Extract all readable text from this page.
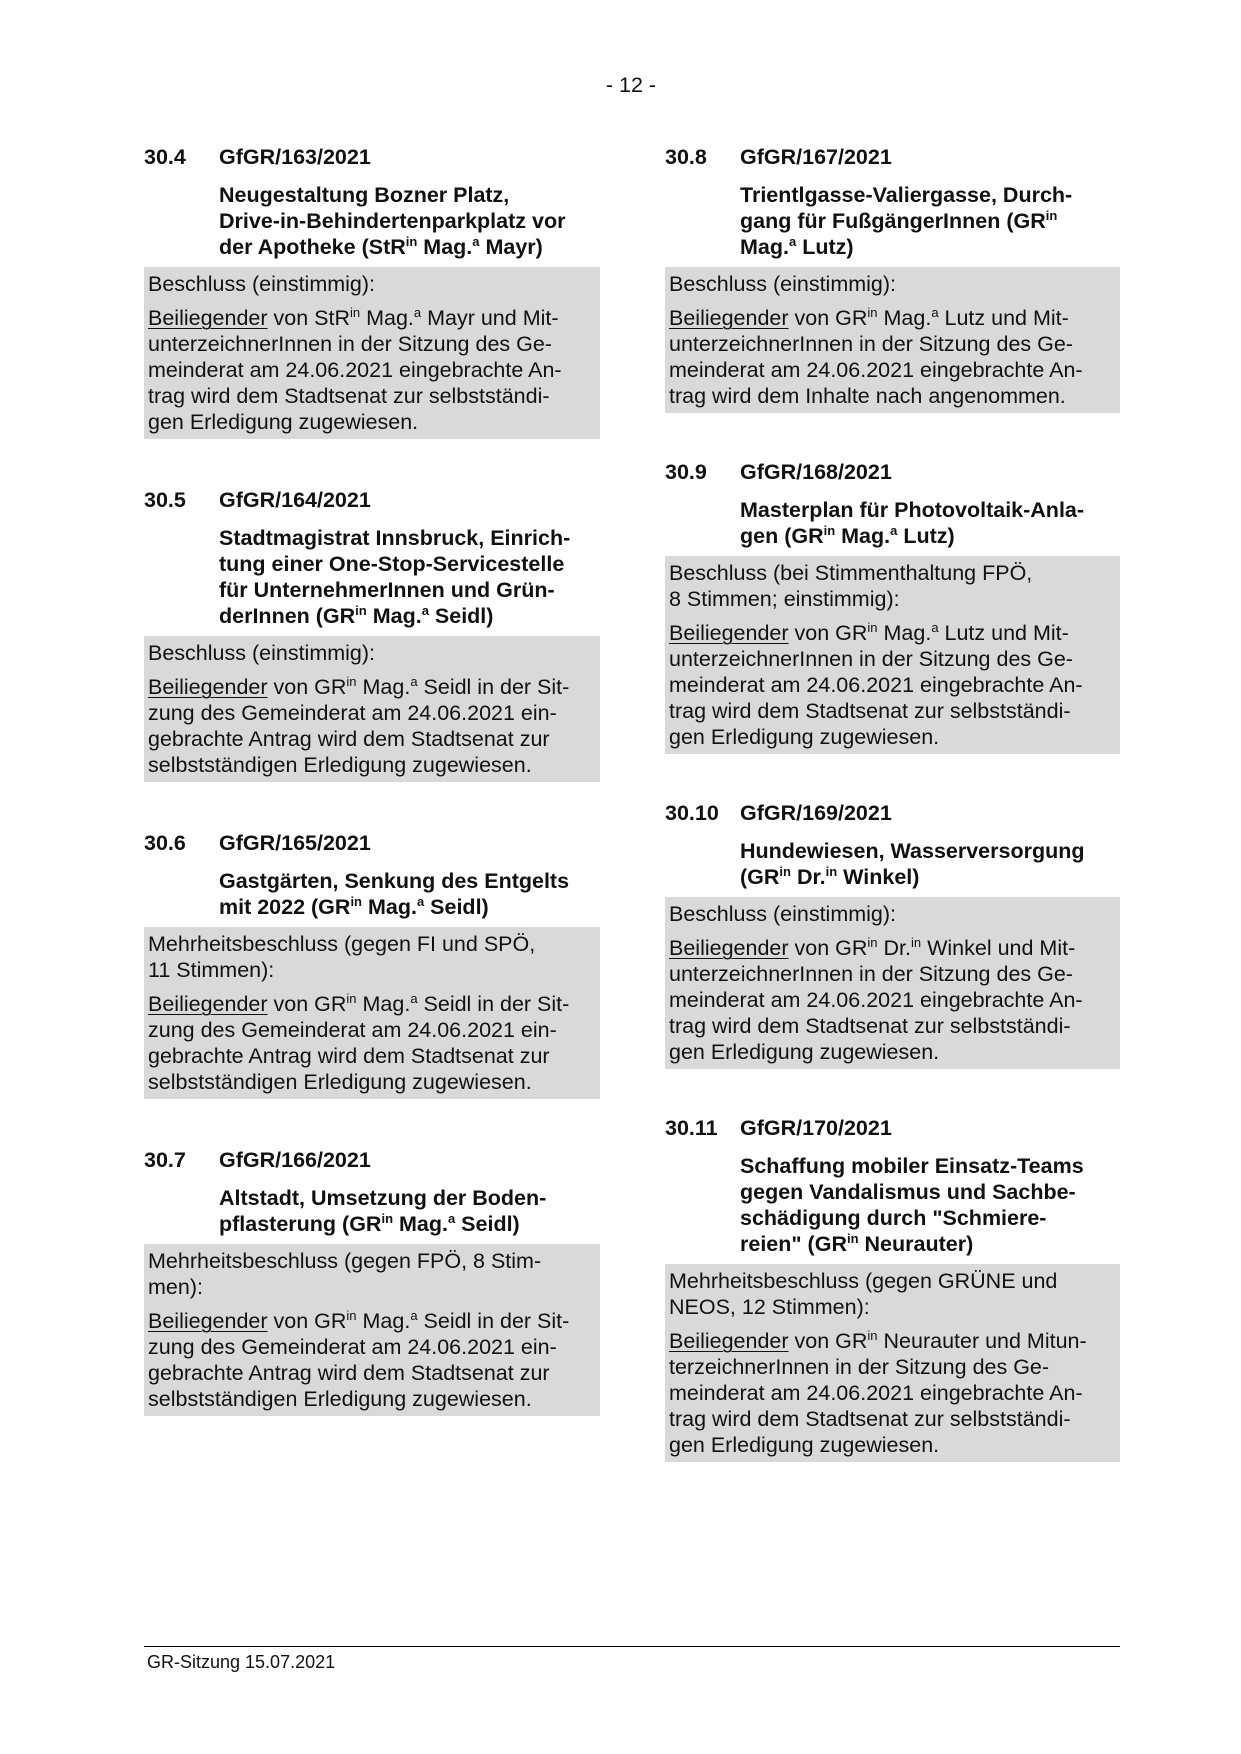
- 12 -
30.4	GfGR/163/2021
Neugestaltung Bozner Platz,
Drive-in-Behindertenparkplatz vor
der Apotheke (StR$^{in}$ Mag.$^a$ Mayr)

Beschluss (einstimmig):

Beiliegender von StR$^{in}$ Mag.$^a$ Mayr und Mit-
unterzeichnerInnen in der Sitzung des Ge-
meinderat am 24.06.2021 eingebrachte An-
trag wird dem Stadtsenat zur selbstständi-
gen Erledigung zugewiesen.

30.5	GfGR/164/2021
Stadtmagistrat Innsbruck, Einrich-
tung einer One-Stop-Servicestelle
für UnternehmerInnen und Grün-
derInnen ($GR^{in}$ Mag.$^a$ Seidl)

Beschluss (einstimmig):

Beiliegender von $GR^{in}$ Mag.$^a$ Seidl in der Sit-
zung des Gemeinderat am 24.06.2021 ein-
gebrachte Antrag wird dem Stadtsenat zur
selbstständigen Erledigung zugewiesen.

30.6	GfGR/165/2021
Gastgärten, Senkung des Entgelts
mit 2022 ($GR^{in}$ Mag.$^a$ Seidl)

Mehrheitsbeschluss (gegen FI und SPÖ,
11 Stimmen):

Beiliegender von $GR^{in}$ Mag.$^a$ Seidl in der Sit-
zung des Gemeinderat am 24.06.2021 ein-
gebrachte Antrag wird dem Stadtsenat zur
selbstständigen Erledigung zugewiesen.

30.7	GfGR/166/2021
Altstadt, Umsetzung der Boden-
pflasterung ($GR^{in}$ Mag.$^a$ Seidl)

Mehrheitsbeschluss (gegen FPÖ, 8 Stim-
men):

Beiliegender von $GR^{in}$ Mag.$^a$ Seidl in der Sit-
zung des Gemeinderat am 24.06.2021 ein-
gebrachte Antrag wird dem Stadtsenat zur
selbstständigen Erledigung zugewiesen.

30.8	GfGR/167/2021
Trientlgasse-Valiergasse, Durch-
gang für FußgängerInnen ($GR^{in}$
Mag.$^a$ Lutz)

Beschluss (einstimmig):

Beiliegender von $GR^{in}$ Mag.$^a$ Lutz und Mit-
unterzeichnerInnen in der Sitzung des Ge-
meinderat am 24.06.2021 eingebrachte An-
trag wird dem Inhalte nach angenommen.

30.9	GfGR/168/2021
Masterplan für Photovoltaik-Anla-
gen ($GR^{in}$ Mag.$^a$ Lutz)

Beschluss (bei Stimmenthaltung FPÖ,
8 Stimmen; einstimmig):

Beiliegender von $GR^{in}$ Mag.$^a$ Lutz und Mit-
unterzeichnerInnen in der Sitzung des Ge-
meinderat am 24.06.2021 eingebrachte An-
trag wird dem Stadtsenat zur selbstständi-
gen Erledigung zugewiesen.

30.10 GfGR/169/2021
Hundewiesen, Wasserversorgung
($GR^{in}$ Dr.$^{in}$ Winkel)

Beschluss (einstimmig):

Beiliegender von $GR^{in}$ Dr.$^{in}$ Winkel und Mit-
unterzeichnerInnen in der Sitzung des Ge-
meinderat am 24.06.2021 eingebrachte An-
trag wird dem Stadtsenat zur selbstständi-
gen Erledigung zugewiesen.

30.11	GfGR/170/2021
Schaffung mobiler Einsatz-Teams
gegen Vandalismus und Sachbe-
schädigung durch "Schmiere-
reien" ($GR^{in}$ Neurauter)

Mehrheitsbeschluss (gegen GRÜNE und
NEOS, 12 Stimmen):

Beiliegender von $GR^{in}$ Neurauter und Mitun-
terzeichnerInnen in der Sitzung des Ge-
meinderat am 24.06.2021 eingebrachte An-
trag wird dem Stadtsenat zur selbstständi-
gen Erledigung zugewiesen.

GR-Sitzung 15.07.2021
